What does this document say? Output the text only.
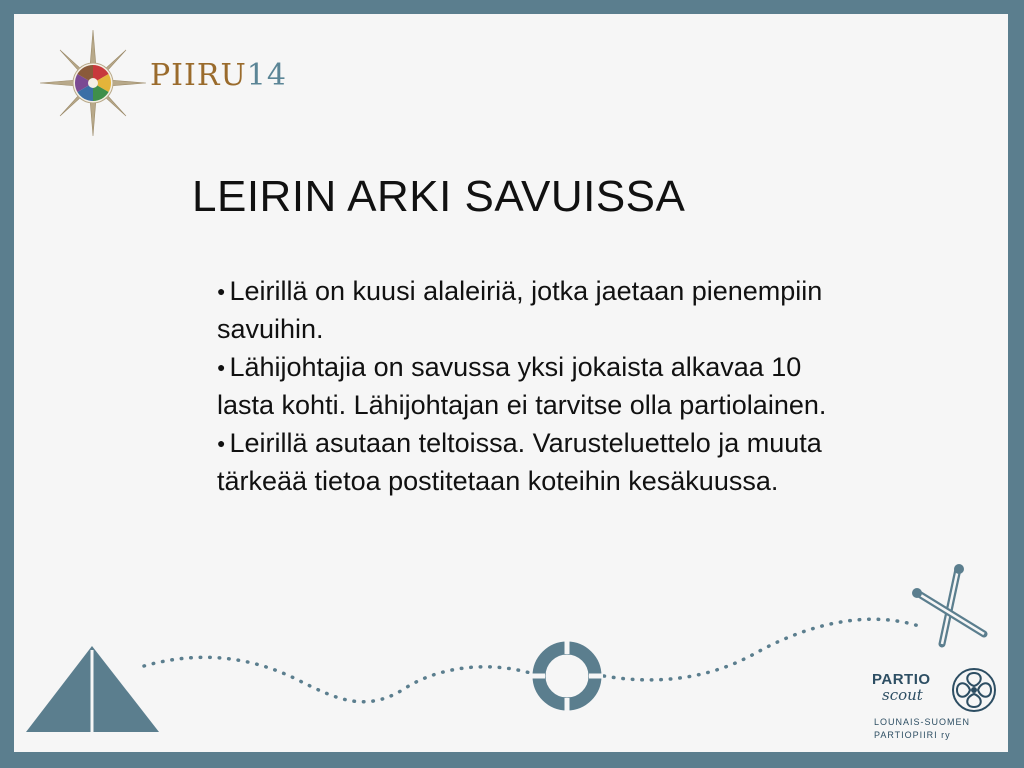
PIIRU14
LEIRIN ARKI SAVUISSA

● Leirillä on kuusi alaleiriä, jotka jaetaan pienempiin savuihin.

● Lähijohtajia on savussa yksi jokaista alkavaa 10 lasta kohti. Lähijohtajan ei tarvitse olla partiolainen.

● Leirillä asutaan teltoissa. Varusteluettelo ja muuta tärkeää tietoa postitetaan koteihin kesäkuussa.

PARTIO
scout
LOUNAIS-SUOMEN
PARTIOPIIRI ry
